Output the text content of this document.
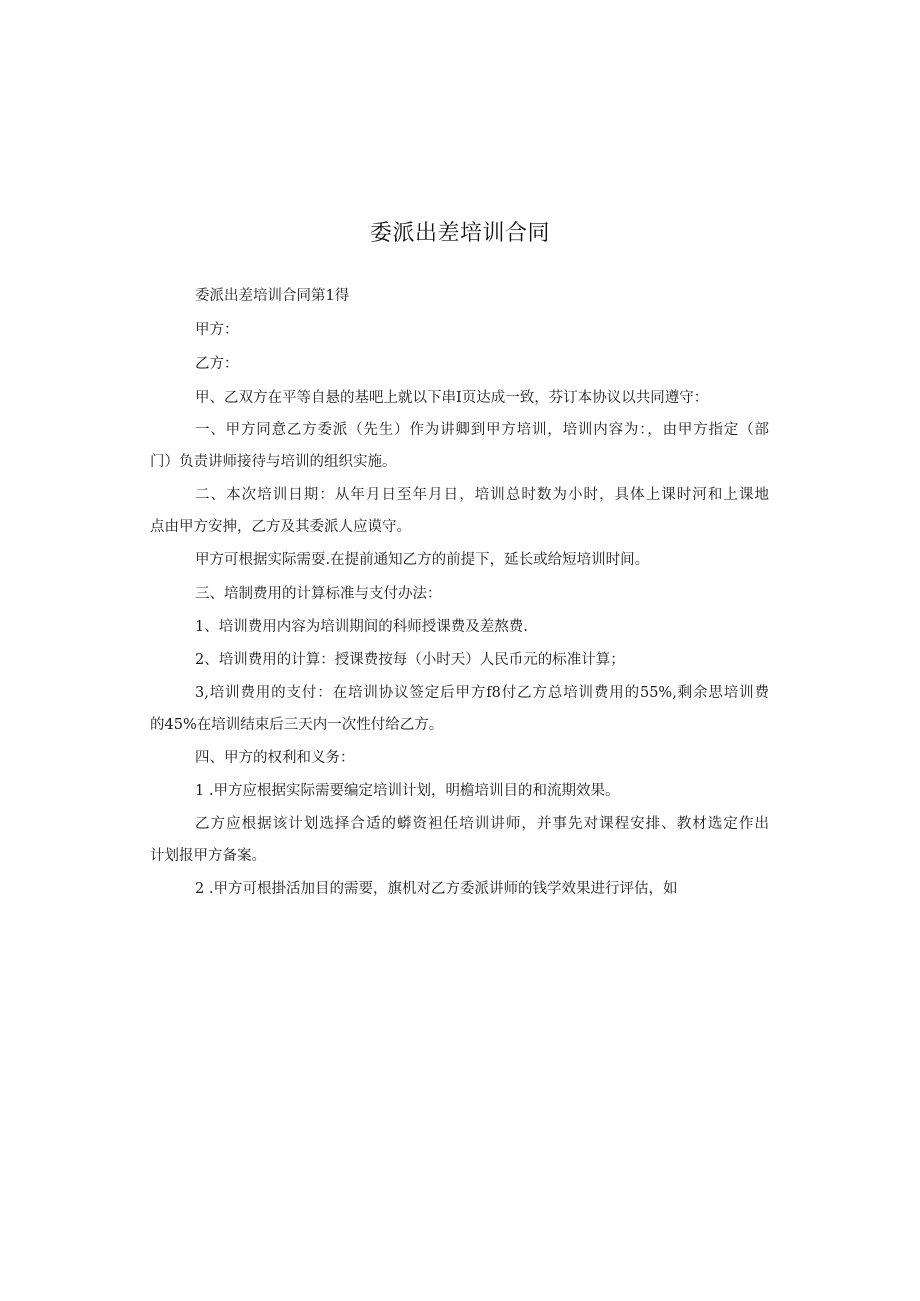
委派出差培训合同
委派出差培训合同第1得
甲方：
乙方：
甲、乙双方在平等自悬的基吧上就以下串I页达成一致，芬订本协议以共同遵守：
一、甲方同意乙方委派（先生）作为讲卿到甲方培训，培训内容为：，由甲方指定（部
门）负责讲师接待与培训的组织实施。
二、本次培训日期：从年月日至年月日，培训总时数为小时，具体上课时河和上课地
点由甲方安抻，乙方及其委派人应谟守。
甲方可根据实际需耍.在提前通知乙方的前提下，延长或给短培训时间。
三、培制费用的计算标准与支付办法：
1、培训费用内容为培训期间的科师授课费及差熬费.
2、培训费用的计算：授课费按每（小时天）人民币元的标准计算；
3,培训费用的支付：在培训协议签定后甲方f8付乙方总培训费用的55%,剩余思培训费
的45%在培训结束后三天内一次性付给乙方。
四、甲方的权利和义务：
1 .甲方应根据实际需要编定培训计划，明檐培训目的和流期效果。
乙方应根据该计划选择合适的蟒资袒任培训讲师，并事先对课程安排、教材选定作出
计划报甲方备案。
2 .甲方可根掛活加目的需要，旗机对乙方委派讲师的钱学效果进行评估，如
